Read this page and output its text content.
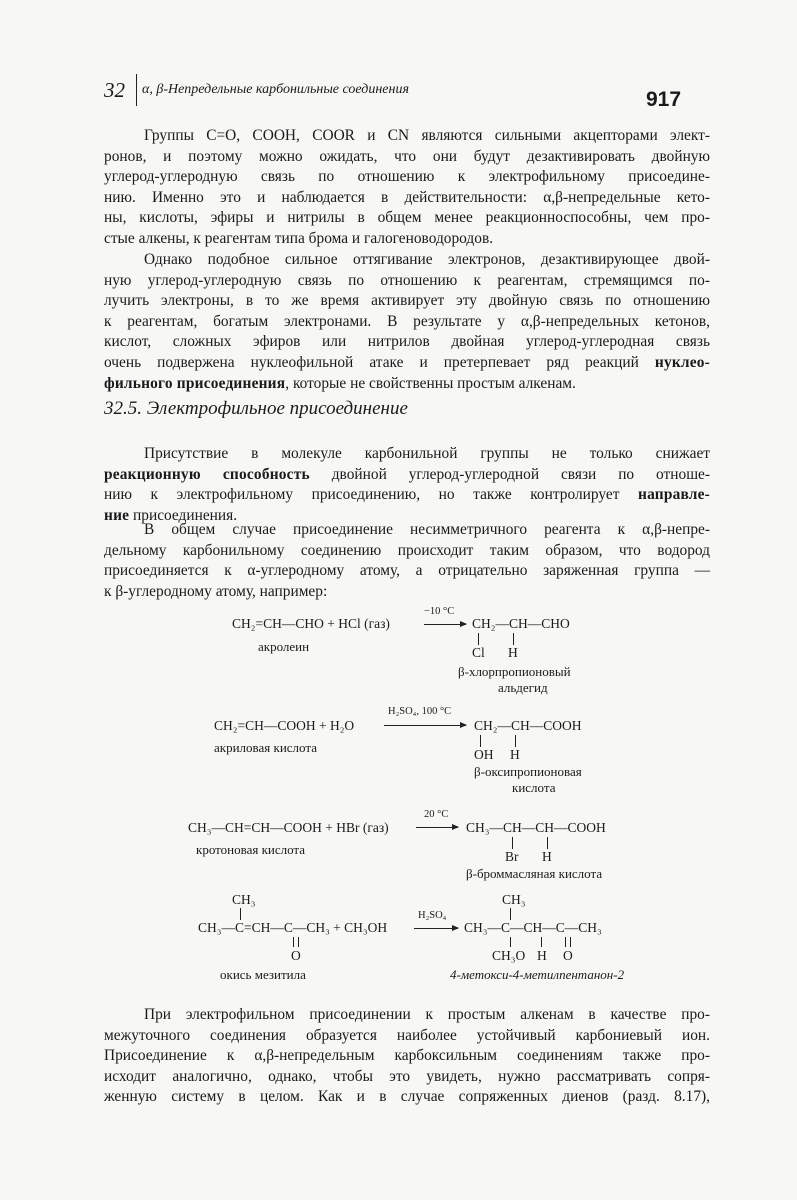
32 α, β-Непредельные карбонильные соединения	917
Группы C=O, COOH, COOR и CN являются сильными акцепторами элект-
ронов, и поэтому можно ожидать, что они будут дезактивировать двойную
углерод-углеродную связь по отношению к электрофильному присоедине-
нию. Именно это и наблюдается в действительности: α,β-непредельные кето-
ны, кислоты, эфиры и нитрилы в общем менее реакционноспособны, чем про-
стые алкены, к реагентам типа брома и галогеноводородов.
Однако подобное сильное оттягивание электронов, дезактивирующее двой-
ную углерод-углеродную связь по отношению к реагентам, стремящимся по-
лучить электроны, в то же время активирует эту двойную связь по отношению
к реагентам, богатым электронами. В результате у α,β-непредельных кетонов,
кислот, сложных эфиров или нитрилов двойная углерод-углеродная связь
очень подвержена нуклеофильной атаке и претерпевает ряд реакций нуклео-
фильного присоединения, которые не свойственны простым алкенам.
32.5. Электрофильное присоединение
Присутствие в молекуле карбонильной группы не только снижает
реакционную способность двойной углерод-углеродной связи по отноше-
нию к электрофильному присоединению, но также контролирует направле-
ние присоединения.
В общем случае присоединение несимметричного реагента к α,β-непре-
дельному карбонильному соединению происходит таким образом, что водород
присоединяется к α-углеродному атому, а отрицательно заряженная группа —
к β-углеродному атому, например:
CH₂=CH—CHO + HCl (газ)
−10 °C
→ CH₂—CH—CHO
Cl H
акролеин
β-хлорпропионовый
альдегид
CH₂=CH—COOH + H₂O
H₂SO₄, 100 °C
CH₂—CH—COOH
OH H
акриловая кислота
β-оксипропионовая
кислота
CH₃—CH=CH—COOH + HBr (газ)
20 °C
→ CH₃—CH—CH—COOH
Br H
кротоновая кислота
β-броммасляная кислота
CH₃
CH₃—C=CH—C—CH₃ + CH₃OH
O
окись мезитила
H₂SO₄
CH₃
CH₃—C—CH—C—CH₃
CH₃O H O
4-метокси-4-метилпентанон-2
При электрофильном присоединении к простым алкенам в качестве про-
межуточного соединения образуется наиболее устойчивый карбониевый ион.
Присоединение к α,β-непредельным карбоксильным соединениям также про-
исходит аналогично, однако, чтобы это увидеть, нужно рассматривать сопря-
женную систему в целом. Как и в случае сопряженных диенов (разд. 8.17),
